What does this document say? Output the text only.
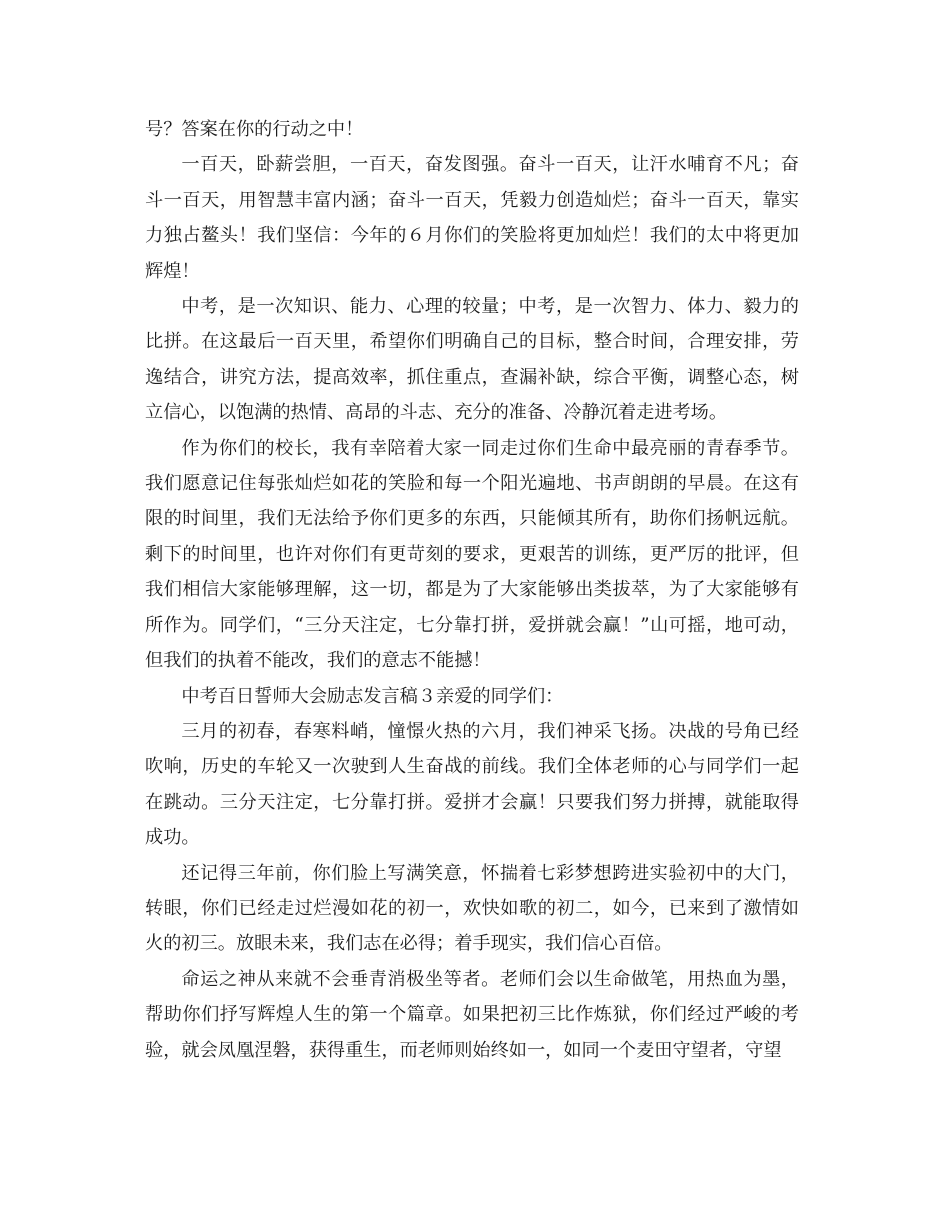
号？答案在你的行动之中！

一百天，卧薪尝胆，一百天，奋发图强。奋斗一百天，让汗水哺育不凡；奋斗一百天，用智慧丰富内涵；奋斗一百天，凭毅力创造灿烂；奋斗一百天，靠实力独占鳌头！我们坚信：今年的６月你们的笑脸将更加灿烂！我们的太中将更加辉煌！

中考，是一次知识、能力、心理的较量；中考，是一次智力、体力、毅力的比拼。在这最后一百天里，希望你们明确自己的目标，整合时间，合理安排，劳逸结合，讲究方法，提高效率，抓住重点，查漏补缺，综合平衡，调整心态，树立信心，以饱满的热情、高昂的斗志、充分的准备、冷静沉着走进考场。

作为你们的校长，我有幸陪着大家一同走过你们生命中最亮丽的青春季节。我们愿意记住每张灿烂如花的笑脸和每一个阳光遍地、书声朗朗的早晨。在这有限的时间里，我们无法给予你们更多的东西，只能倾其所有，助你们扬帆远航。剩下的时间里，也许对你们有更苛刻的要求，更艰苦的训练，更严厉的批评，但我们相信大家能够理解，这一切，都是为了大家能够出类拔萃，为了大家能够有所作为。同学们，“三分天注定，七分靠打拼，爱拼就会赢！”山可摇，地可动，但我们的执着不能改，我们的意志不能撼！

中考百日誓师大会励志发言稿３亲爱的同学们：

三月的初春，春寒料峭，憧憬火热的六月，我们神采飞扬。决战的号角已经吹响，历史的车轮又一次驶到人生奋战的前线。我们全体老师的心与同学们一起在跳动。三分天注定，七分靠打拼。爱拼才会赢！只要我们努力拼搏，就能取得成功。

还记得三年前，你们脸上写满笑意，怀揣着七彩梦想跨进实验初中的大门，转眼，你们已经走过烂漫如花的初一，欢快如歌的初二，如今，已来到了激情如火的初三。放眼未来，我们志在必得；着手现实，我们信心百倍。

命运之神从来就不会垂青消极坐等者。老师们会以生命做笔，用热血为墨，帮助你们抒写辉煌人生的第一个篇章。如果把初三比作炼狱，你们经过严峻的考验，就会凤凰涅磐，获得重生，而老师则始终如一，如同一个麦田守望者，守望
